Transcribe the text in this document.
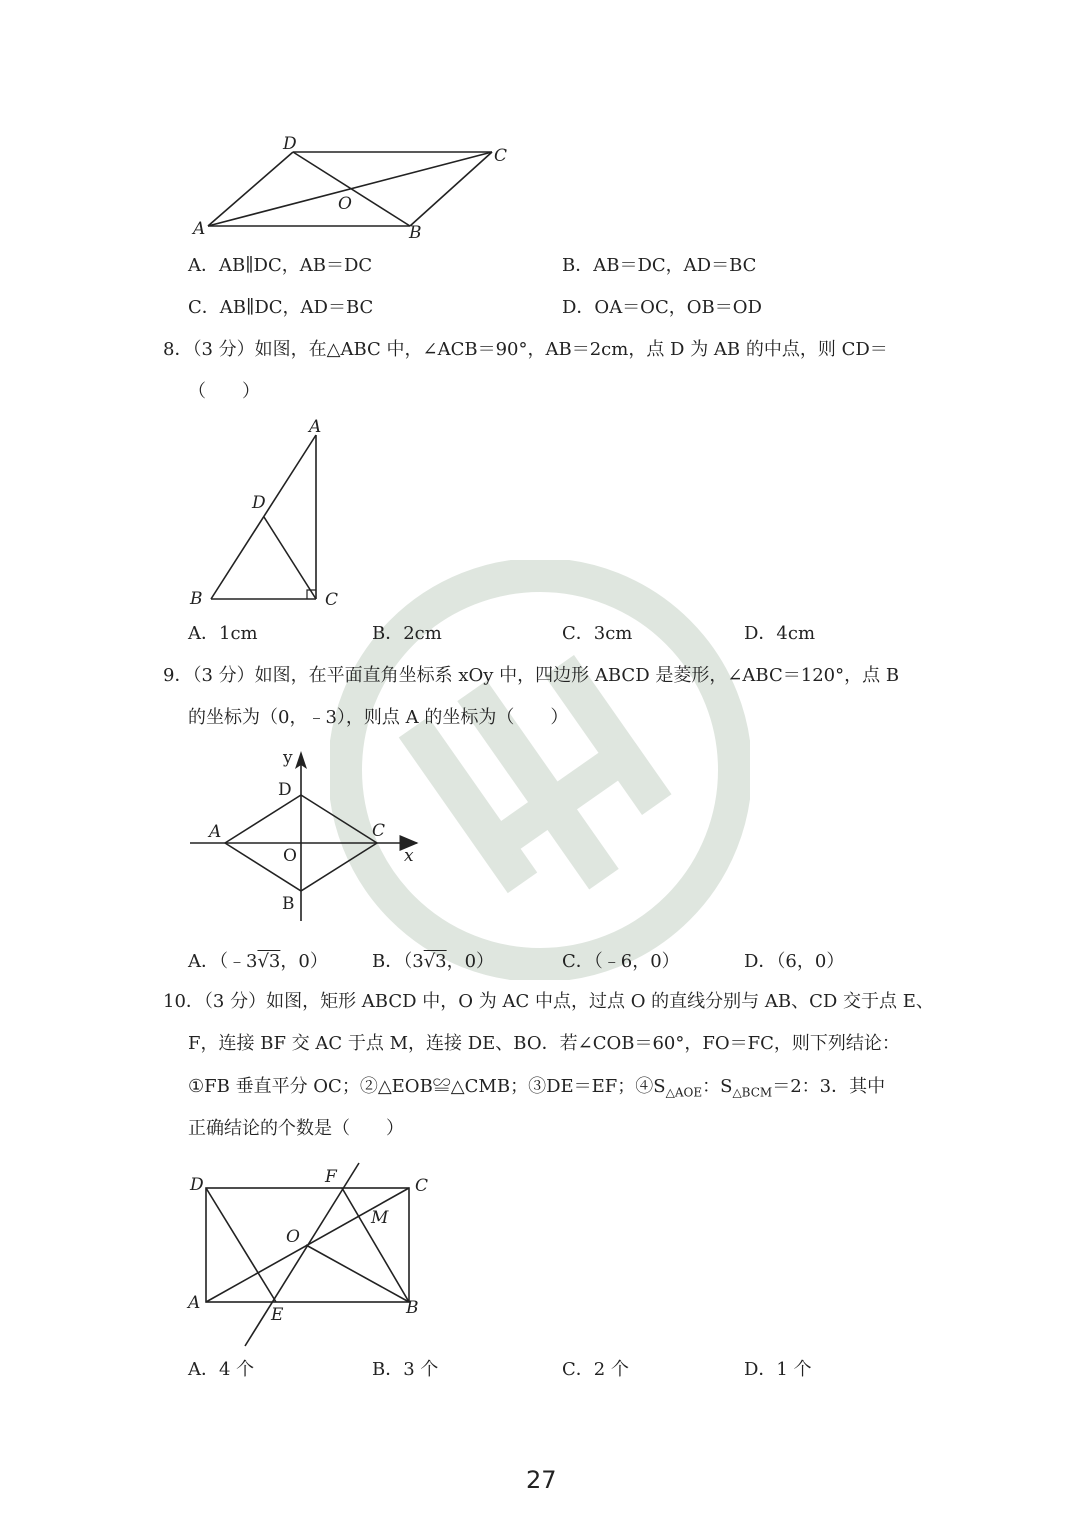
D
C
O
A	B
A．AB∥DC，AB＝DC	B．AB＝DC，AD＝BC
C．AB∥DC，AD＝BC	D．OA＝OC，OB＝OD
8．（3 分）如图，在△ABC 中，∠ACB＝90°，AB＝2cm，点 D 为 AB 的中点，则 CD＝
（　　）
A
D
B	C
A．1cm	B．2cm	C．3cm	D．4cm
9．（3 分）如图，在平面直角坐标系 xOy 中，四边形 ABCD 是菱形，∠ABC＝120°，点 B
的坐标为（0，﹣3），则点 A 的坐标为（　　）
y
D
A	C
O	x
B
A．（﹣3√3，0） B．（3√3，0）	C．（﹣6，0）	D．（6，0）
10．（3 分）如图，矩形 ABCD 中，O 为 AC 中点，过点 O 的直线分别与 AB、CD 交于点 E、
F，连接 BF 交 AC 于点 M，连接 DE、BO．若∠COB＝60°，FO＝FC，则下列结论：
①FB 垂直平分 OC；②△EOB≌△CMB；③DE＝EF；$④S_{\triangle AOE}$：$S_{\triangle BCM}=2$：3．其中
正确结论的个数是（　　）
D	F	C
M
O
A
E	B
A．4 个	B．3 个	C．2 个	D．1 个
27
